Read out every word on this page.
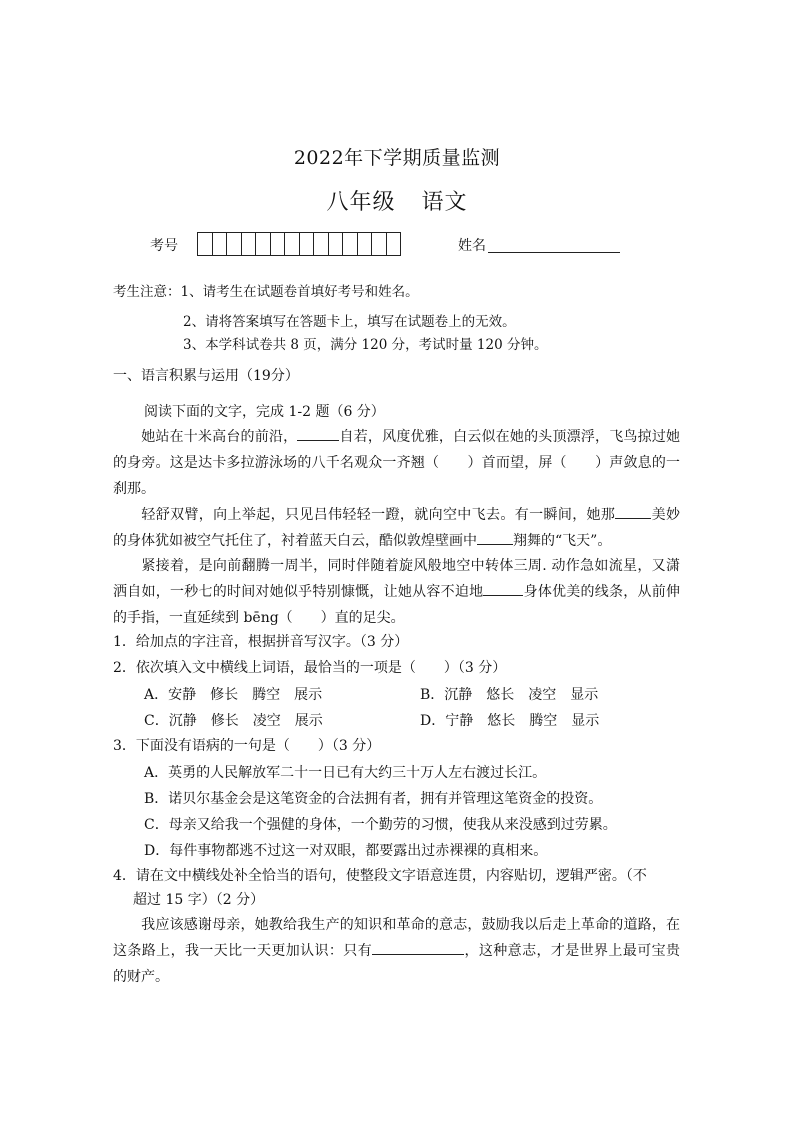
2022年下学期质量监测
八年级 语文
考号	姓名
考生注意：1、请考生在试题卷首填好考号和姓名。
2、请将答案填写在答题卡上，填写在试题卷上的无效。
3、本学科试卷共 8 页，满分 120 分，考试时量 120 分钟。
一、语言积累与运用（19分）
阅读下面的文字，完成 1-2 题（6 分）
她站在十米高台的前沿，	自若，风度优雅，白云似在她的头顶漂浮，飞鸟掠过她的身旁。这是达卡多拉游泳场的八千名观众一齐翘（　　）首而望，屏（　　）声敛息的一刹那。
轻舒双臂，向上举起，只见吕伟轻轻一蹬，就向空中飞去。有一瞬间，她那	美妙的身体犹如被空气托住了，衬着蓝天白云，酷似敦煌壁画中	翔舞的“飞天”。
紧接着，是向前翻腾一周半，同时伴随着旋风般地空中转体三周. 动作急如流星，又潇洒自如，一秒七的时间对她似乎特别慷慨，让她从容不迫地	身体优美的线条，从前伸的手指，一直延续到 bēng（　　）直的足尖。
1．给加点的字注音，根据拼音写汉字。（3 分）
2．依次填入文中横线上词语，最恰当的一项是（　　）（3 分）
A．安静　修长　腾空　展示	B．沉静　悠长　凌空　显示
C．沉静　修长　凌空　展示	D．宁静　悠长　腾空　显示
3．下面没有语病的一句是（　　）（3 分）
A．英勇的人民解放军二十一日已有大约三十万人左右渡过长江。
B．诺贝尔基金会是这笔资金的合法拥有者，拥有并管理这笔资金的投资。
C．母亲又给我一个强健的身体，一个勤劳的习惯，使我从来没感到过劳累。
D．每件事物都逃不过这一对双眼，都要露出过赤裸裸的真相来。
4．请在文中横线处补全恰当的语句，使整段文字语意连贯，内容贴切，逻辑严密。（不
超过 15 字）（2 分）
我应该感谢母亲，她教给我生产的知识和革命的意志，鼓励我以后走上革命的道路，在这条路上，我一天比一天更加认识：只有	，这种意志，才是世界上最可宝贵的财产。
